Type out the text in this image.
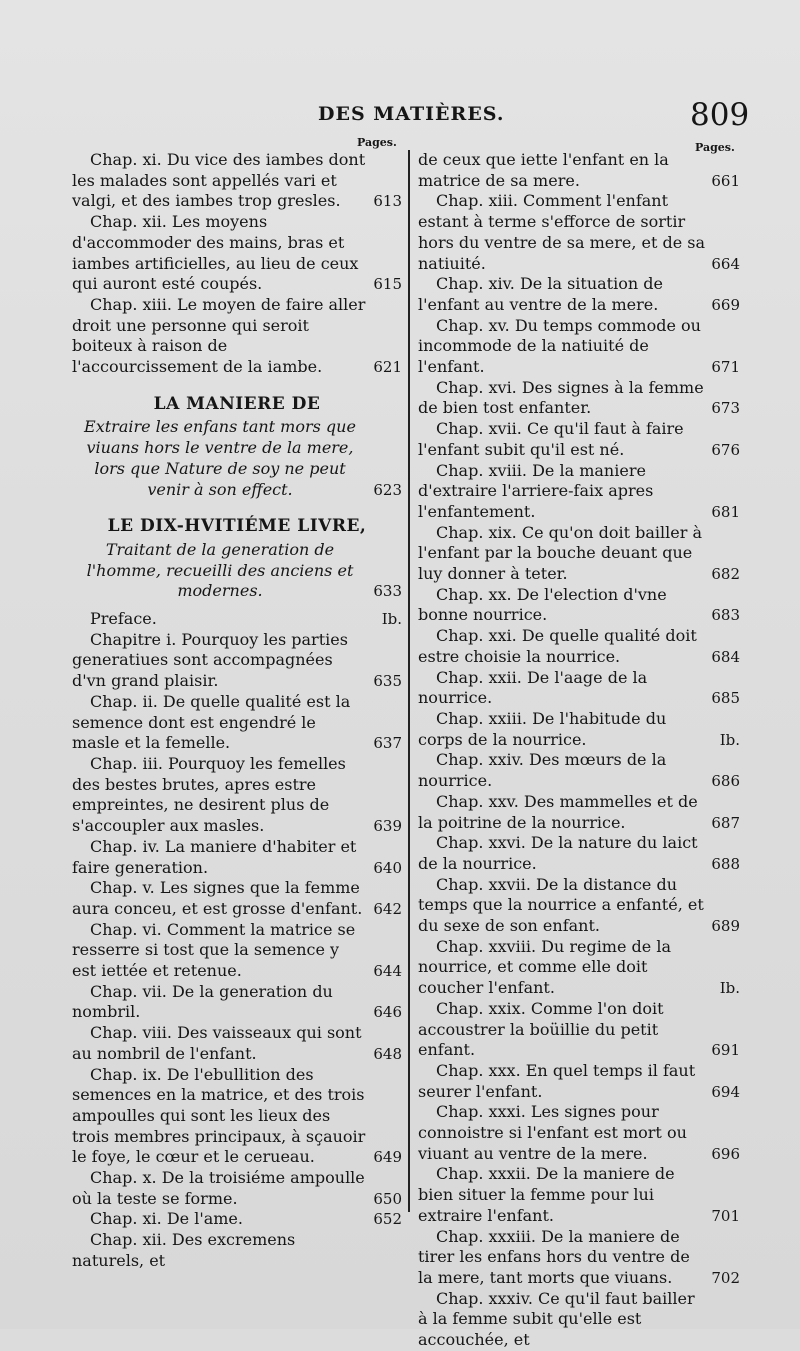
DES MATIÈRES.	809
Pages.	Pages.
Chap. xi. Du vice des iambes dont les malades sont appellés vari et valgi, et des iambes trop gresles.	613
Chap. xii. Les moyens d'accommoder des mains, bras et iambes artificielles, au lieu de ceux qui auront esté coupés.	615
Chap. xiii. Le moyen de faire aller droit une personne qui seroit boiteux à raison de l'accourcissement de la iambe.	621
LA MANIERE DE
Extraire les enfans tant mors que viuans hors le ventre de la mere, lors que Nature de soy ne peut venir à son effect.	623
LE DIX-HVITIÉME LIVRE,
Traitant de la generation de l'homme, recueilli des anciens et modernes.	633
Preface.	Ib.
Chapitre i. Pourquoy les parties generatiues sont accompagnées d'vn grand plaisir.	635
Chap. ii. De quelle qualité est la semence dont est engendré le masle et la femelle.	637
Chap. iii. Pourquoy les femelles des bestes brutes, apres estre empreintes, ne desirent plus de s'accoupler aux masles.	639
Chap. iv. La maniere d'habiter et faire generation.	640
Chap. v. Les signes que la femme aura conceu, et est grosse d'enfant. 642
Chap. vi. Comment la matrice se resserre si tost que la semence y est iettée et retenue.	644
Chap. vii. De la generation du nombril.	646
Chap. viii. Des vaisseaux qui sont au nombril de l'enfant.	648
Chap. ix. De l'ebullition des semences en la matrice, et des trois ampoulles qui sont les lieux des trois membres principaux, à sçauoir le foye, le cœur et le cerueau.	649
Chap. x. De la troisiéme ampoulle où la teste se forme.	650
Chap. xi. De l'ame.	652
Chap. xii. Des excremens naturels, et
de ceux que iette l'enfant en la matrice de sa mere.	661
Chap. xiii. Comment l'enfant estant à terme s'efforce de sortir hors du ventre de sa mere, et de sa natiuité.	664
Chap. xiv. De la situation de l'enfant au ventre de la mere.	669
Chap. xv. Du temps commode ou incommode de la natiuité de l'enfant.	671
Chap. xvi. Des signes à la femme de bien tost enfanter.	673
Chap. xvii. Ce qu'il faut à faire l'enfant subit qu'il est né.	676
Chap. xviii. De la maniere d'extraire l'arriere-faix apres l'enfantement.	681
Chap. xix. Ce qu'on doit bailler à l'enfant par la bouche deuant que luy donner à teter.	682
Chap. xx. De l'election d'vne bonne nourrice.	683
Chap. xxi. De quelle qualité doit estre choisie la nourrice.	684
Chap. xxii. De l'aage de la nourrice.	685
Chap. xxiii. De l'habitude du corps de la nourrice.	Ib.
Chap. xxiv. Des mœurs de la nourrice.	686
Chap. xxv. Des mammelles et de la poitrine de la nourrice.	687
Chap. xxvi. De la nature du laict de la nourrice.	688
Chap. xxvii. De la distance du temps que la nourrice a enfanté, et du sexe de son enfant.	689
Chap. xxviii. Du regime de la nourrice, et comme elle doit coucher l'enfant.	Ib.
Chap. xxix. Comme l'on doit accoustrer la boüillie du petit enfant.	691
Chap. xxx. En quel temps il faut seurer l'enfant.	694
Chap. xxxi. Les signes pour connoistre si l'enfant est mort ou viuant au ventre de la mere.	696
Chap. xxxii. De la maniere de bien situer la femme pour lui extraire l'enfant.	701
Chap. xxxiii. De la maniere de tirer les enfans hors du ventre de la mere, tant morts que viuans.	702
Chap. xxxiv. Ce qu'il faut bailler à la femme subit qu'elle est accouchée, et
